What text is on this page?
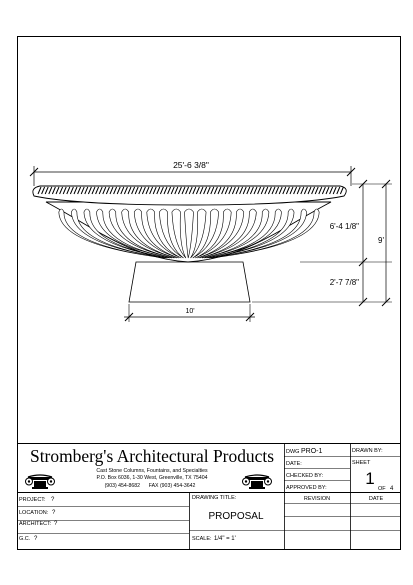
25'-6 3/8"
6'-4 1/8"
2'-7 7/8"
9'
10'
Stromberg's Architectural Products
Cast Stone Columns, Fountains, and Specialties
P.O. Box 6036, 1-30 West, Greenville, TX 75404
(903) 454-8682      FAX (903) 454-3642
DWG PRO-1
DATE:
CHECKED BY:
APPROVED BY:
DRAWN BY:
SHEET
1
OF 4
PROJECT: ?
LOCATION: ?
ARCHITECT: ?
G.C. ?
DRAWING TITLE:
PROPOSAL
SCALE: 1/4" = 1'
REVISION	DATE
